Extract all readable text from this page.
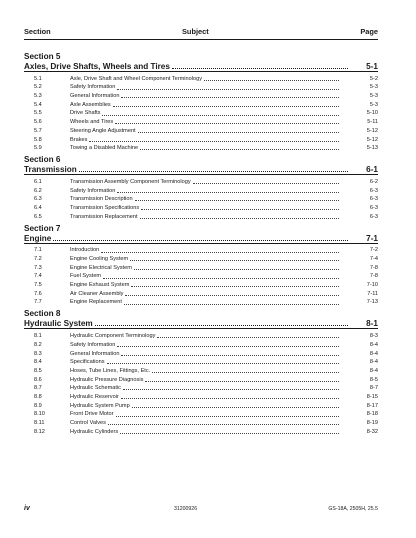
Section	Subject	Page
Section 5
Axles, Drive Shafts, Wheels and Tires	5-1
5.1	Axle, Drive Shaft and Wheel Component Terminology	5-2
5.2	Safety Information	5-3
5.3	General Information	5-3
5.4	Axle Assemblies	5-3
5.5	Drive Shafts	5-10
5.6	Wheels and Tires	5-11
5.7	Steering Angle Adjustment	5-12
5.8	Brakes	5-12
5.9	Towing a Disabled Machine	5-13
Section 6
Transmission	6-1
6.1	Transmission Assembly Component Terminology	6-2
6.2	Safety Information	6-3
6.3	Transmission Description	6-3
6.4	Transmission Specifications	6-3
6.5	Transmission Replacement	6-3
Section 7
Engine	7-1
7.1	Introduction	7-2
7.2	Engine Cooling System	7-4
7.3	Engine Electrical System	7-8
7.4	Fuel System	7-8
7.5	Engine Exhaust System	7-10
7.6	Air Cleaner Assembly	7-11
7.7	Engine Replacement	7-13
Section 8
Hydraulic System	8-1
8.1	Hydraulic Component Terminology	8-3
8.2	Safety Information	8-4
8.3	General Information	8-4
8.4	Specifications	8-4
8.5	Hoses, Tube Lines, Fittings, Etc.	8-4
8.6	Hydraulic Pressure Diagnosis	8-5
8.7	Hydraulic Schematic	8-7
8.8	Hydraulic Reservoir	8-15
8.9	Hydraulic System Pump	8-17
8.10	Front Drive Motor	8-18
8.11	Control Valves	8-19
8.12	Hydraulic Cylinders	8-32
iv	31200926	GS-18A, 2505H, 25.5
